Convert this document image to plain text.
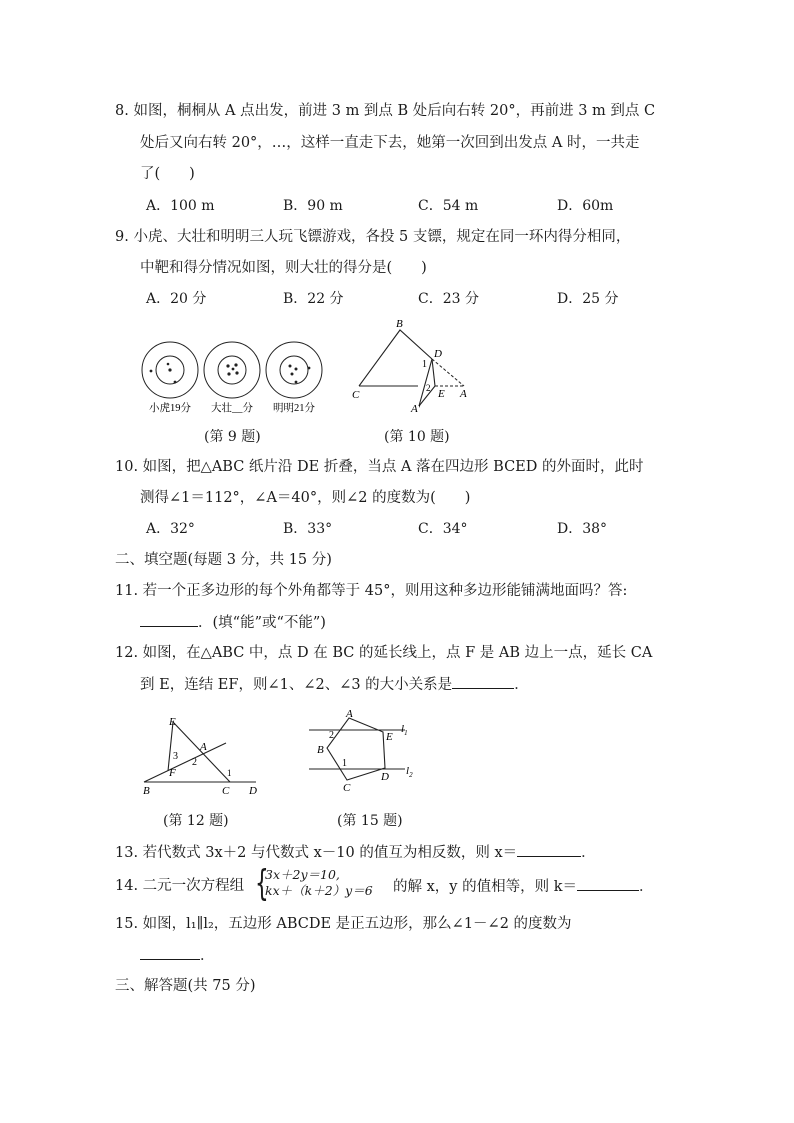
8. 如图，桐桐从 A 点出发，前进 3 m 到点 B 处后向右转 20°，再前进 3 m 到点 C
处后又向右转 20°，…，这样一直走下去，她第一次回到出发点 A 时，一共走
了(　　)
A．100 m	B．90 m	C．54 m	D．60m
9. 小虎、大壮和明明三人玩飞镖游戏，各投 5 支镖，规定在同一环内得分相同，
中靶和得分情况如图，则大壮的得分是(　　)
A．20 分	B．22 分	C．23 分	D．25 分
小虎19分 大壮__分 明明21分
(第 9 题)
B
D
1
2
C	E A
A′
(第 10 题)
10. 如图，把△ABC 纸片沿 DE 折叠，当点 A 落在四边形 BCED 的外面时，此时
测得∠1＝112°，∠A＝40°，则∠2 的度数为(　　)
A．32°	B．33°	C．34°	D．38°
二、填空题(每题 3 分，共 15 分)
11. 若一个正多边形的每个外角都等于 45°，则用这种多边形能铺满地面吗？答:
．(填“能”或“不能”)
12. 如图，在△ABC 中，点 D 在 BC 的延长线上，点 F 是 AB 边上一点，延长 CA
到 E，连结 EF，则∠1、∠2、∠3 的大小关系是	．
E
A
3
2
F	1
B	C D
(第 12 题)
A
$l_1$
2	E
B
1
$l_2$
D
C
(第 15 题)
13. 若代数式 3x＋2 与代数式 x－10 的值互为相反数，则 x＝	．
14. 二元一次方程组 {
3x＋2y＝10,
kx＋（k＋2）y＝6 的解 x，y 的值相等，则 k＝	．
15. 如图，l₁∥l₂，五边形 ABCDE 是正五边形，那么∠1－∠2 的度数为
．
三、解答题(共 75 分)
